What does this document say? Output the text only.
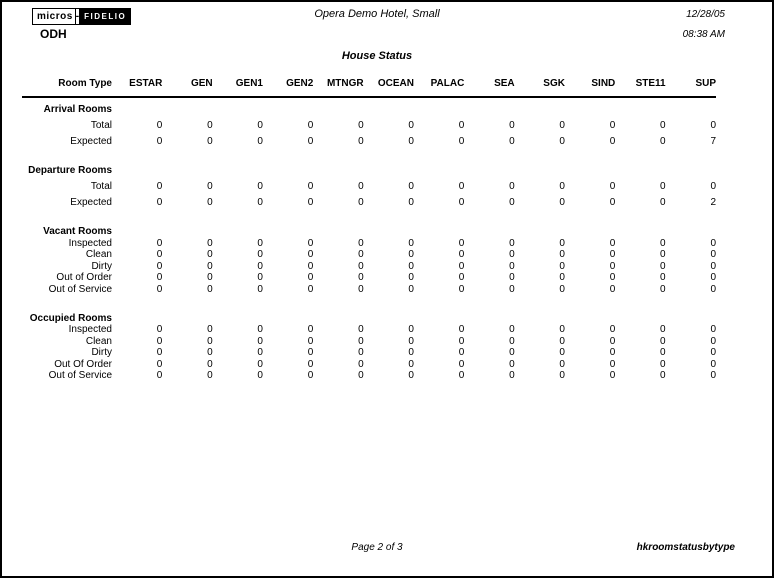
micros - FIDELIO
ODH
Opera Demo Hotel, Small	12/28/05
08:38 AM
House Status
Room Type	ESTAR	GEN	GEN1	GEN2	MTNGR	OCEAN	PALAC	SEA	SGK	SIND	STE11	SUP
Arrival Rooms												
Total	0	0	0	0	0	0	0	0	0	0	0	0
Expected	0	0	0	0	0	0	0	0	0	0	0	7

Departure Rooms												
Total	0	0	0	0	0	0	0	0	0	0	0	0
Expected	0	0	0	0	0	0	0	0	0	0	0	2

Vacant Rooms												
Inspected	0	0	0	0	0	0	0	0	0	0	0	0
Clean	0	0	0	0	0	0	0	0	0	0	0	0
Dirty	0	0	0	0	0	0	0	0	0	0	0	0
Out of Order	0	0	0	0	0	0	0	0	0	0	0	0
Out of Service	0	0	0	0	0	0	0	0	0	0	0	0

Occupied Rooms												
Inspected	0	0	0	0	0	0	0	0	0	0	0	0
Clean	0	0	0	0	0	0	0	0	0	0	0	0
Dirty	0	0	0	0	0	0	0	0	0	0	0	0
Out Of Order	0	0	0	0	0	0	0	0	0	0	0	0
Out of Service	0	0	0	0	0	0	0	0	0	0	0	0
Page 2 of 3	hkroomstatusbytype
